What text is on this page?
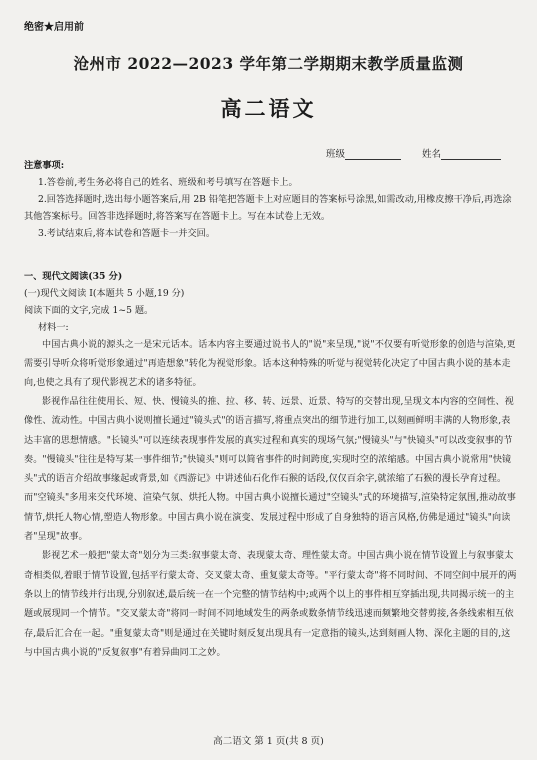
绝密★启用前
沧州市 2022—2023 学年第二学期期末教学质量监测
高二语文
班级	姓名

注意事项:

1.答卷前,考生务必将自己的姓名、班级和考号填写在答题卡上。

2.回答选择题时,选出每小题答案后,用 2B 铅笔把答题卡上对应题目的答案标号涂黑,如需改动,用橡皮擦干净后,再选涂其他答案标号。回答非选择题时,将答案写在答题卡上。写在本试卷上无效。

3.考试结束后,将本试卷和答题卡一并交回。

一、现代文阅读(35 分)

(一)现代文阅读 I(本题共 5 小题,19 分)

阅读下面的文字,完成 1~5 题。

材料一:

中国古典小说的源头之一是宋元话本。话本内容主要通过说书人的"说"来呈现,"说"不仅要有听觉形象的创造与渲染,更需要引导听众将听觉形象通过"再造想象"转化为视觉形象。话本这种特殊的听觉与视觉转化决定了中国古典小说的基本走向,也使之具有了现代影视艺术的诸多特征。

影视作品往往使用长、短、快、慢镜头的推、拉、移、转、远景、近景、特写的交替出现,呈现文本内容的空间性、视像性、流动性。中国古典小说则擅长通过"镜头式"的语言描写,将重点突出的细节进行加工,以刻画鲜明丰满的人物形象,表达丰富的思想情感。"长镜头"可以连续表现事件发展的真实过程和真实的现场气氛;"慢镜头"与"快镜头"可以改变叙事的节奏。"慢镜头"往往是特写某一事件细节;"快镜头"则可以简省事件的时间跨度,实现时空的浓缩感。中国古典小说常用"快镜头"式的语言介绍故事缘起或背景,如《西游记》中讲述仙石化作石猴的话段,仅仅百余字,就浓缩了石猴的漫长孕育过程。而"空镜头"多用来交代环境、渲染气氛、烘托人物。中国古典小说擅长通过"空镜头"式的环境描写,渲染特定氛围,推动故事情节,烘托人物心情,塑造人物形象。中国古典小说在演变、发展过程中形成了自身独特的语言风格,仿佛是通过"镜头"向读者"呈现"故事。

影视艺术一般把"蒙太奇"划分为三类:叙事蒙太奇、表现蒙太奇、理性蒙太奇。中国古典小说在情节设置上与叙事蒙太奇相类似,着眼于情节设置,包括平行蒙太奇、交叉蒙太奇、重复蒙太奇等。"平行蒙太奇"将不同时间、不同空间中展开的两条以上的情节线并行出现,分别叙述,最后统一在一个完整的情节结构中;或两个以上的事件相互穿插出现,共同揭示统一的主题或展现同一个情节。"交叉蒙太奇"将同一时间不同地域发生的两条或数条情节线迅速而频繁地交替剪接,各条线索相互依存,最后汇合在一起。"重复蒙太奇"则是通过在关键时刻反复出现具有一定意指的镜头,达到刻画人物、深化主题的目的,这与中国古典小说的"反复叙事"有着异曲同工之妙。

高二语文 第 1 页(共 8 页)
